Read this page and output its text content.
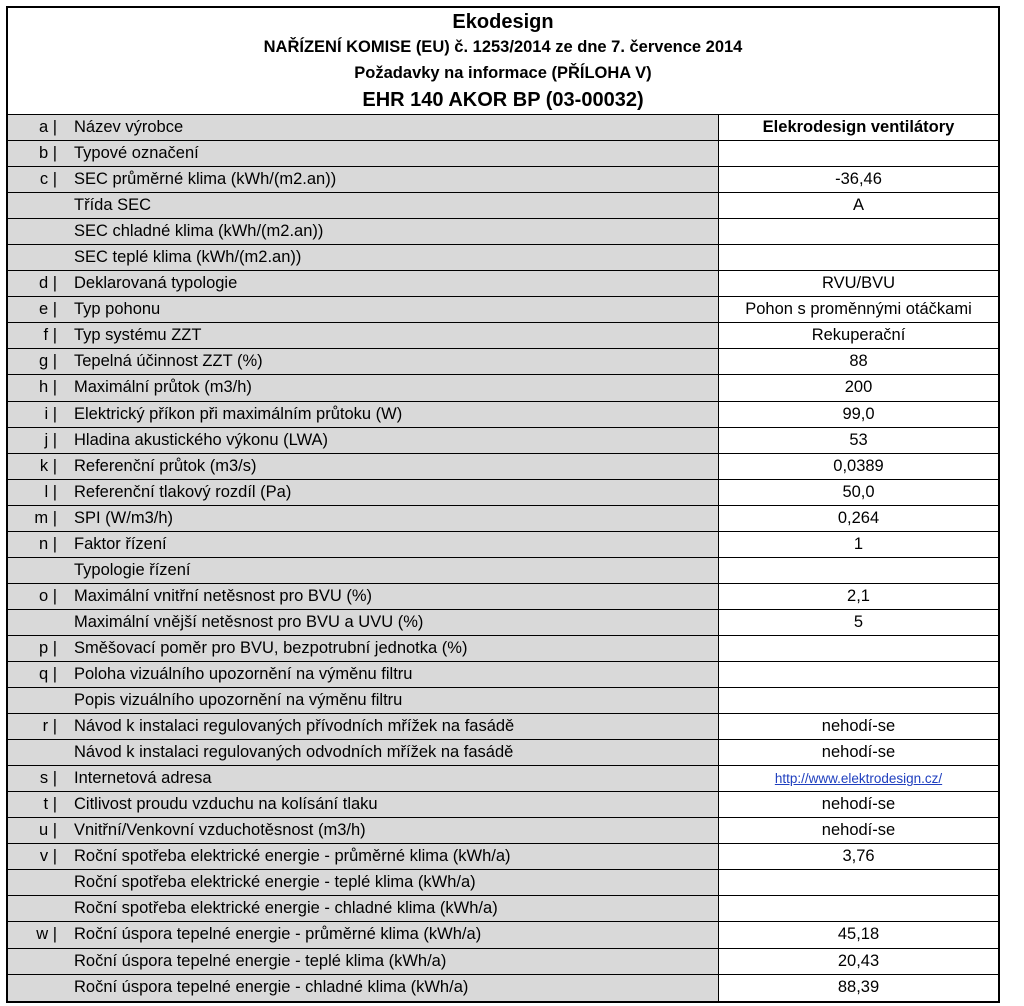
Ekodesign
NAŘÍZENÍ KOMISE (EU) č. 1253/2014 ze dne 7. července 2014
Požadavky na informace (PŘÍLOHA V)
EHR 140 AKOR BP (03-00032)
a | Název výrobce	Elekrodesign ventilátory
b | Typové označení
c | SEC průměrné klima (kWh/(m2.an))	-36,46
Třída SEC	A
SEC chladné klima (kWh/(m2.an))
SEC teplé klima (kWh/(m2.an))
d | Deklarovaná typologie	RVU/BVU
e | Typ pohonu	Pohon s proměnnými otáčkami
f | Typ systému ZZT	Rekuperační
g | Tepelná účinnost ZZT (%)	88
h | Maximální průtok (m3/h)	200
i | Elektrický příkon při maximálním průtoku (W)	99,0
j | Hladina akustického výkonu (LWA)	53
k | Referenční průtok (m3/s)	0,0389
l | Referenční tlakový rozdíl (Pa)	50,0
m | SPI (W/m3/h)	0,264
n | Faktor řízení	1
Typologie řízení
o | Maximální vnitřní netěsnost pro BVU (%)	2,1
Maximální vnější netěsnost pro BVU a UVU (%)	5
p | Směšovací poměr pro BVU, bezpotrubní jednotka (%)
q | Poloha vizuálního upozornění na výměnu filtru
Popis vizuálního upozornění na výměnu filtru
r | Návod k instalaci regulovaných přívodních mřížek na fasádě	nehodí-se
Návod k instalaci regulovaných odvodních mřížek na fasádě	nehodí-se
s | Internetová adresa	http://www.elektrodesign.cz/
t | Citlivost proudu vzduchu na kolísání tlaku	nehodí-se
u | Vnitřní/Venkovní vzduchotěsnost (m3/h)	nehodí-se
v | Roční spotřeba elektrické energie - průměrné klima (kWh/a)	3,76
Roční spotřeba elektrické energie - teplé klima (kWh/a)
Roční spotřeba elektrické energie - chladné klima (kWh/a)
w | Roční úspora tepelné energie - průměrné klima (kWh/a)	45,18
Roční úspora tepelné energie - teplé klima (kWh/a)	20,43
Roční úspora tepelné energie - chladné klima (kWh/a)	88,39
